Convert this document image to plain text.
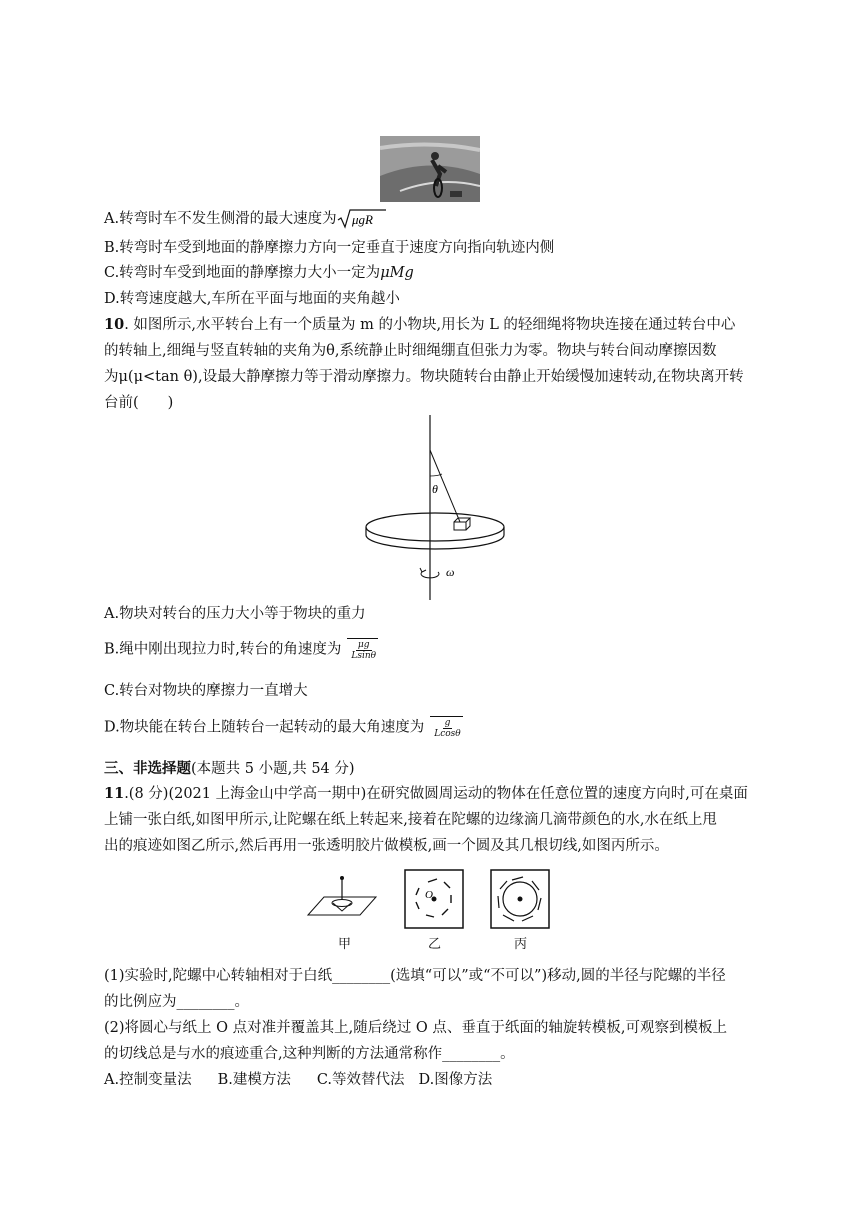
A.转弯时车不发生侧滑的最大速度为 μgR
B.转弯时车受到地面的静摩擦力方向一定垂直于速度方向指向轨迹内侧
C.转弯时车受到地面的静摩擦力大小一定为μMg
D.转弯速度越大,车所在平面与地面的夹角越小
10. 如图所示,水平转台上有一个质量为 m 的小物块,用长为 L 的轻细绳将物块连接在通过转台中心
的转轴上,细绳与竖直转轴的夹角为θ,系统静止时细绳绷直但张力为零。物块与转台间动摩擦因数
为μ(μ<tan θ),设最大静摩擦力等于滑动摩擦力。物块随转台由静止开始缓慢加速转动,在物块离开转
台前(　　)
θ
ω
A.物块对转台的压力大小等于物块的重力
B.绳中刚出现拉力时,转台的角速度为 $\frac{\mu g}{Lsin\theta}$
C.转台对物块的摩擦力一直增大
D.物块能在转台上随转台一起转动的最大角速度为 $\frac{g}{Lcos\theta}$
三、非选择题(本题共 5 小题,共 54 分)
11.(8 分)(2021 上海金山中学高一期中)在研究做圆周运动的物体在任意位置的速度方向时,可在桌面
上铺一张白纸,如图甲所示,让陀螺在纸上转起来,接着在陀螺的边缘滴几滴带颜色的水,水在纸上甩
出的痕迹如图乙所示,然后再用一张透明胶片做模板,画一个圆及其几根切线,如图丙所示。
O
甲	乙	丙
(1)实验时,陀螺中心转轴相对于白纸________(选填“可以”或“不可以”)移动,圆的半径与陀螺的半径
的比例应为________。
(2)将圆心与纸上 O 点对准并覆盖其上,随后绕过 O 点、垂直于纸面的轴旋转模板,可观察到模板上
的切线总是与水的痕迹重合,这种判断的方法通常称作________。
A.控制变量法 B.建模方法 C.等效替代法 D.图像方法
